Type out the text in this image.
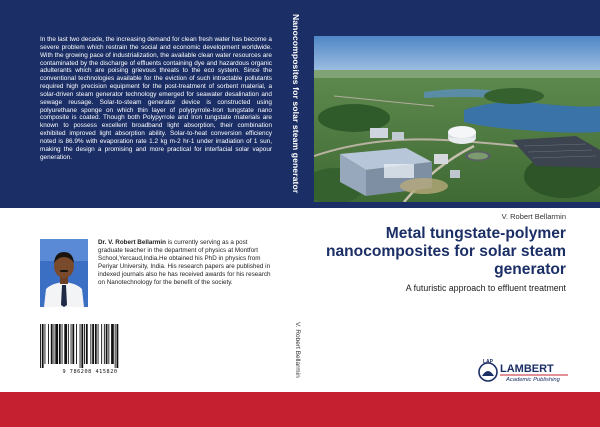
In the last two decade, the increasing demand for clean fresh water has become a severe problem which restrain the social and economic development worldwide. With the growing pace of industrialization, the available clean water resources are contaminated by the discharge of effluents containing dye and hazardous organic adulterants which are poising grievous threats to the eco system. Since the conventional technologies available for the eviction of such intractable pollutants required high precision equipment for the post-treatment of sorbent material, a solar-driven steam generator technology emerged for seawater desalination and sewage reusage. Solar-to-steam generator device is constructed using polyurethane sponge on which thin layer of polypyrrole-Iron tungstate nano composite is coated. Though both Polypyrrole and Iron tungstate materials are known to possess excellent broadband light absorption, their combination exhibited improved light absorption ability. Solar-to-heat conversion efficiency noted is 86.9% with evaporation rate 1.2 kg m-2 hr-1 under irradiation of 1 sun, making the design a promising and more practical for interfacial solar vapour generation.	Nanocomposites for solar steam generator
V. Robert Bellarmin
V. Robert Bellarmin
Metal tungstate-polymer nanocomposites for solar steam generator
A futuristic approach to effluent treatment

Dr. V. Robert Bellarmin is currently serving as a post graduate teacher in the department of physics at Montfort School,Yercaud,India.He obtained his PhD in physics from Periyar University, India. His research papers are published in indexed journals also he has received awards for his research on Nanotechnology for the benefit of the society.

9 786208 415820
LAP
LAMBERT
Academic Publishing
